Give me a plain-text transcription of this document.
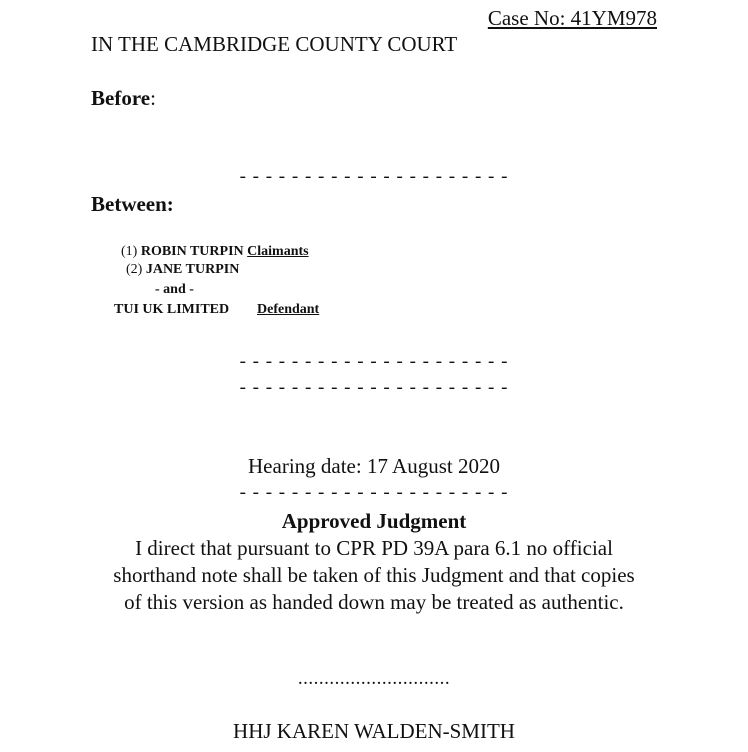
Case No: 41YM978
IN THE CAMBRIDGE COUNTY COURT
Before:
- - - - - - - - - - - - - - - - - - - - -
Between:
(1) ROBIN TURPIN Claimants
(2) JANE TURPIN
- and -
TUI UK LIMITED Defendant
- - - - - - - - - - - - - - - - - - - - -
- - - - - - - - - - - - - - - - - - - - -
Hearing date: 17 August 2020
- - - - - - - - - - - - - - - - - - - - -
Approved Judgment
I direct that pursuant to CPR PD 39A para 6.1 no official
shorthand note shall be taken of this Judgment and that copies
of this version as handed down may be treated as authentic.
.............................
HHJ KAREN WALDEN-SMITH
